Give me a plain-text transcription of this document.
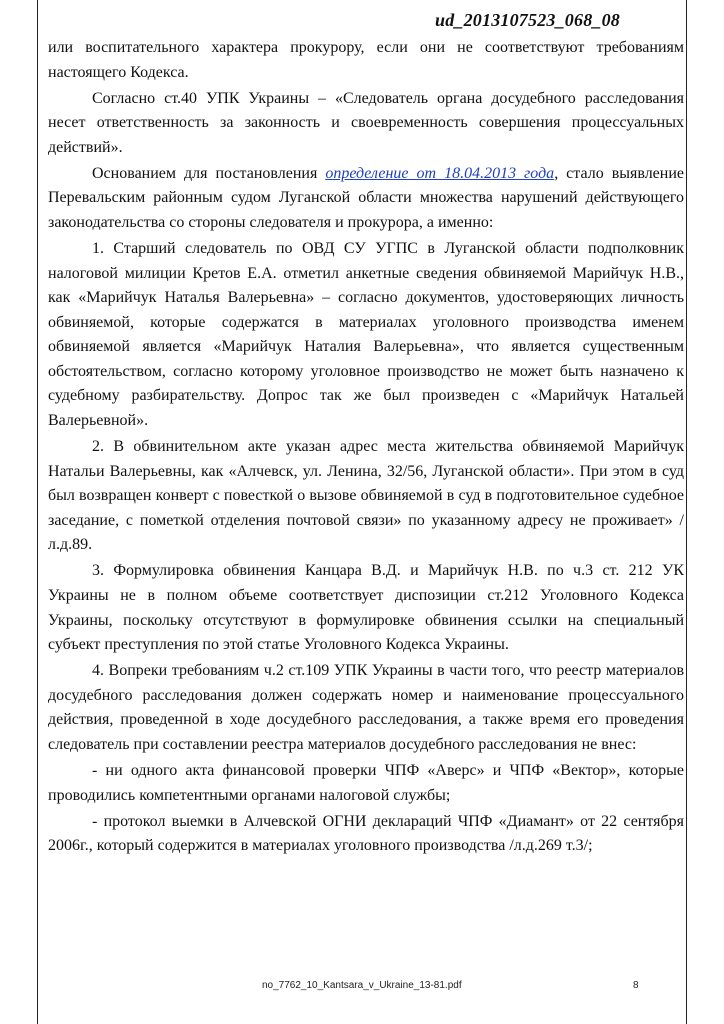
ud_2013107523_068_08

или воспитательного характера прокурору, если они не соответствуют требованиям настоящего Кодекса.

Согласно ст.40 УПК Украины – «Следователь органа досудебного расследования несет ответственность за законность и своевременность совершения процессуальных действий».

Основанием для постановления определение от 18.04.2013 года, стало выявление Перевальским районным судом Луганской области множества нарушений действующего законодательства со стороны следователя и прокурора, а именно:

1. Старший следователь по ОВД СУ УГПС в Луганской области подполковник налоговой милиции Кретов Е.А. отметил анкетные сведения обвиняемой Марийчук Н.В., как «Марийчук Наталья Валерьевна» – согласно документов, удостоверяющих личность обвиняемой, которые содержатся в материалах уголовного производства именем обвиняемой является «Марийчук Наталия Валерьевна», что является существенным обстоятельством, согласно которому уголовное производство не может быть назначено к судебному разбирательству. Допрос так же был произведен с «Марийчук Натальей Валерьевной».

2. В обвинительном акте указан адрес места жительства обвиняемой Марийчук Натальи Валерьевны, как «Алчевск, ул. Ленина, 32/56, Луганской области». При этом в суд был возвращен конверт с повесткой о вызове обвиняемой в суд в подготовительное судебное заседание, с пометкой отделения почтовой связи» по указанному адресу не проживает» /л.д.89.

3. Формулировка обвинения Канцара В.Д. и Марийчук Н.В. по ч.3 ст. 212 УК Украины не в полном объеме соответствует диспозиции ст.212 Уголовного Кодекса Украины, поскольку отсутствуют в формулировке обвинения ссылки на специальный субъект преступления по этой статье Уголовного Кодекса Украины.

4. Вопреки требованиям ч.2 ст.109 УПК Украины в части того, что реестр материалов досудебного расследования должен содержать номер и наименование процессуального действия, проведенной в ходе досудебного расследования, а также время его проведения следователь при составлении реестра материалов досудебного расследования не внес:

- ни одного акта финансовой проверки ЧПФ «Аверс» и ЧПФ «Вектор», которые проводились компетентными органами налоговой службы;

- протокол выемки в Алчевской ОГНИ деклараций ЧПФ «Диамант» от 22 сентября 2006г., который содержится в материалах уголовного производства /л.д.269 т.3/;

no_7762_10_Kantsara_v_Ukraine_13-81.pdf	8
